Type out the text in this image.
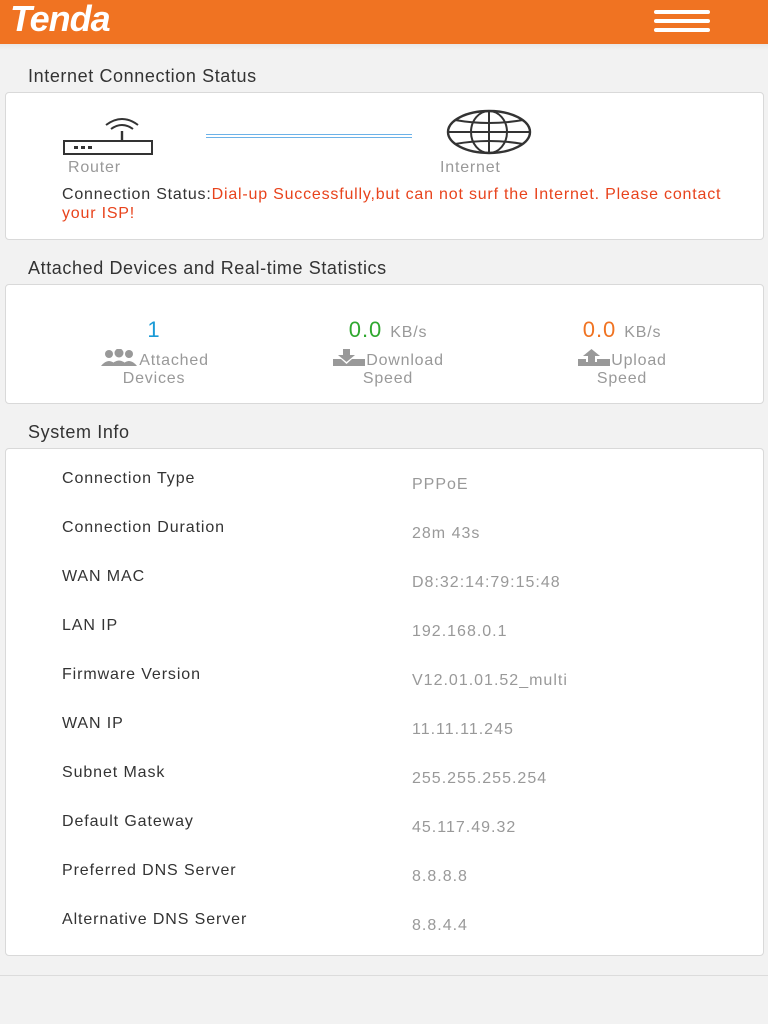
Tenda
Internet Connection Status
Router	Internet
Connection Status:Dial-up Successfully,but can not surf the Internet. Please contact your ISP!
Attached Devices and Real-time Statistics
1
Attached
Devices
0.0 KB/s
Download
Speed
0.0 KB/s
Upload
Speed
System Info
Connection Type	PPPoE
Connection Duration	28m 43s
WAN MAC	D8:32:14:79:15:48
LAN IP	192.168.0.1
Firmware Version	V12.01.01.52_multi
WAN IP	11.11.11.245
Subnet Mask	255.255.255.254
Default Gateway	45.117.49.32
Preferred DNS Server	8.8.8.8
Alternative DNS Server	8.8.4.4
